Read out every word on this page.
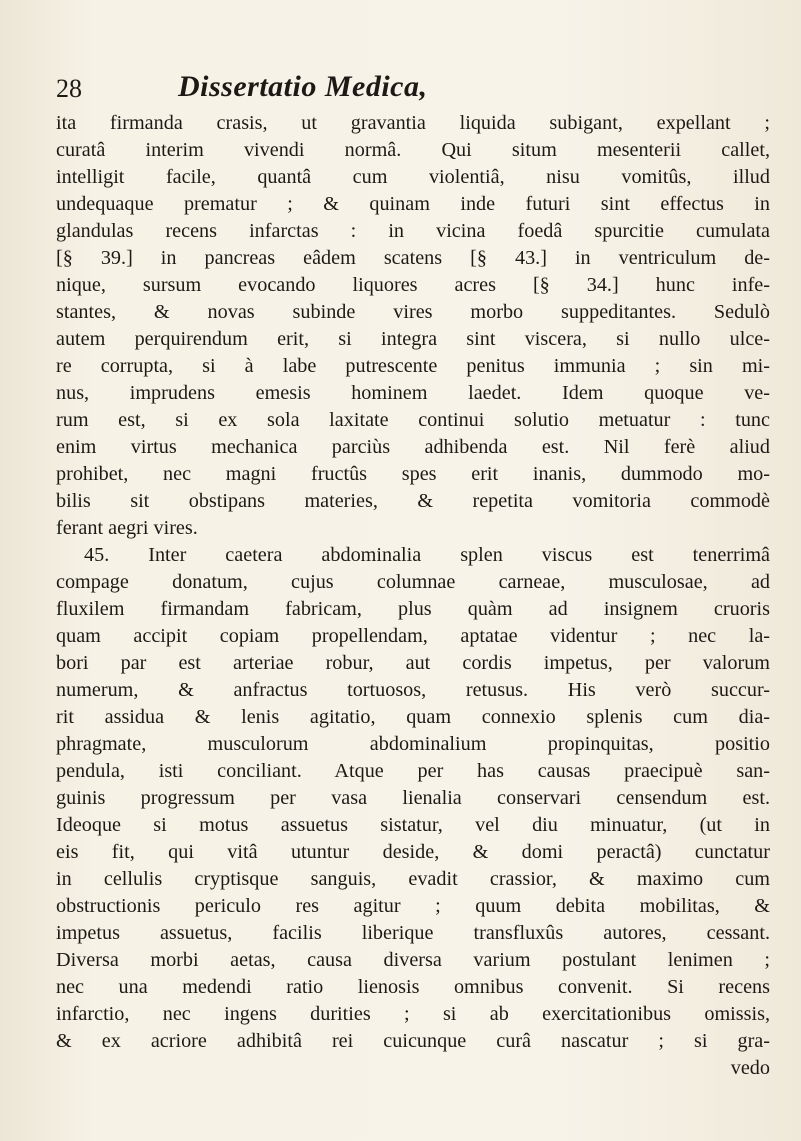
28	Dissertatio Medica,
ita firmanda crasis, ut gravantia liquida subigant, expellant ;
curatâ interim vivendi normâ. Qui situm mesenterii callet,
intelligit facile, quantâ cum violentiâ, nisu vomitûs, illud
undequaque prematur ; & quinam inde futuri sint effectus in
glandulas recens infarctas : in vicina foedâ spurcitie cumulata
[§ 39.] in pancreas eâdem scatens [§ 43.] in ventriculum de-
nique, sursum evocando liquores acres [§ 34.] hunc infe-
stantes, & novas subinde vires morbo suppeditantes. Sedulò
autem perquirendum erit, si integra sint viscera, si nullo ulce-
re corrupta, si à labe putrescente penitus immunia ; sin mi-
nus, imprudens emesis hominem laedet. Idem quoque ve-
rum est, si ex sola laxitate continui solutio metuatur : tunc
enim virtus mechanica parciùs adhibenda est. Nil ferè aliud
prohibet, nec magni fructûs spes erit inanis, dummodo mo-
bilis sit obstipans materies, & repetita vomitoria commodè
ferant aegri vires.
45. Inter caetera abdominalia splen viscus est tenerrimâ
compage donatum, cujus columnae carneae, musculosae, ad
fluxilem firmandam fabricam, plus quàm ad insignem cruoris
quam accipit copiam propellendam, aptatae videntur ; nec la-
bori par est arteriae robur, aut cordis impetus, per valorum
numerum, & anfractus tortuosos, retusus. His verò succur-
rit assidua & lenis agitatio, quam connexio splenis cum dia-
phragmate, musculorum abdominalium propinquitas, positio
pendula, isti conciliant. Atque per has causas praecipuè san-
guinis progressum per vasa lienalia conservari censendum est.
Ideoque si motus assuetus sistatur, vel diu minuatur, (ut in
eis fit, qui vitâ utuntur deside, & domi peractâ) cunctatur
in cellulis cryptisque sanguis, evadit crassior, & maximo cum
obstructionis periculo res agitur ; quum debita mobilitas, &
impetus assuetus, facilis liberique transfluxûs autores, cessant.
Diversa morbi aetas, causa diversa varium postulant lenimen ;
nec una medendi ratio lienosis omnibus convenit. Si recens
infarctio, nec ingens durities ; si ab exercitationibus omissis,
& ex acriore adhibitâ rei cuicunque curâ nascatur ; si gra-
vedo
